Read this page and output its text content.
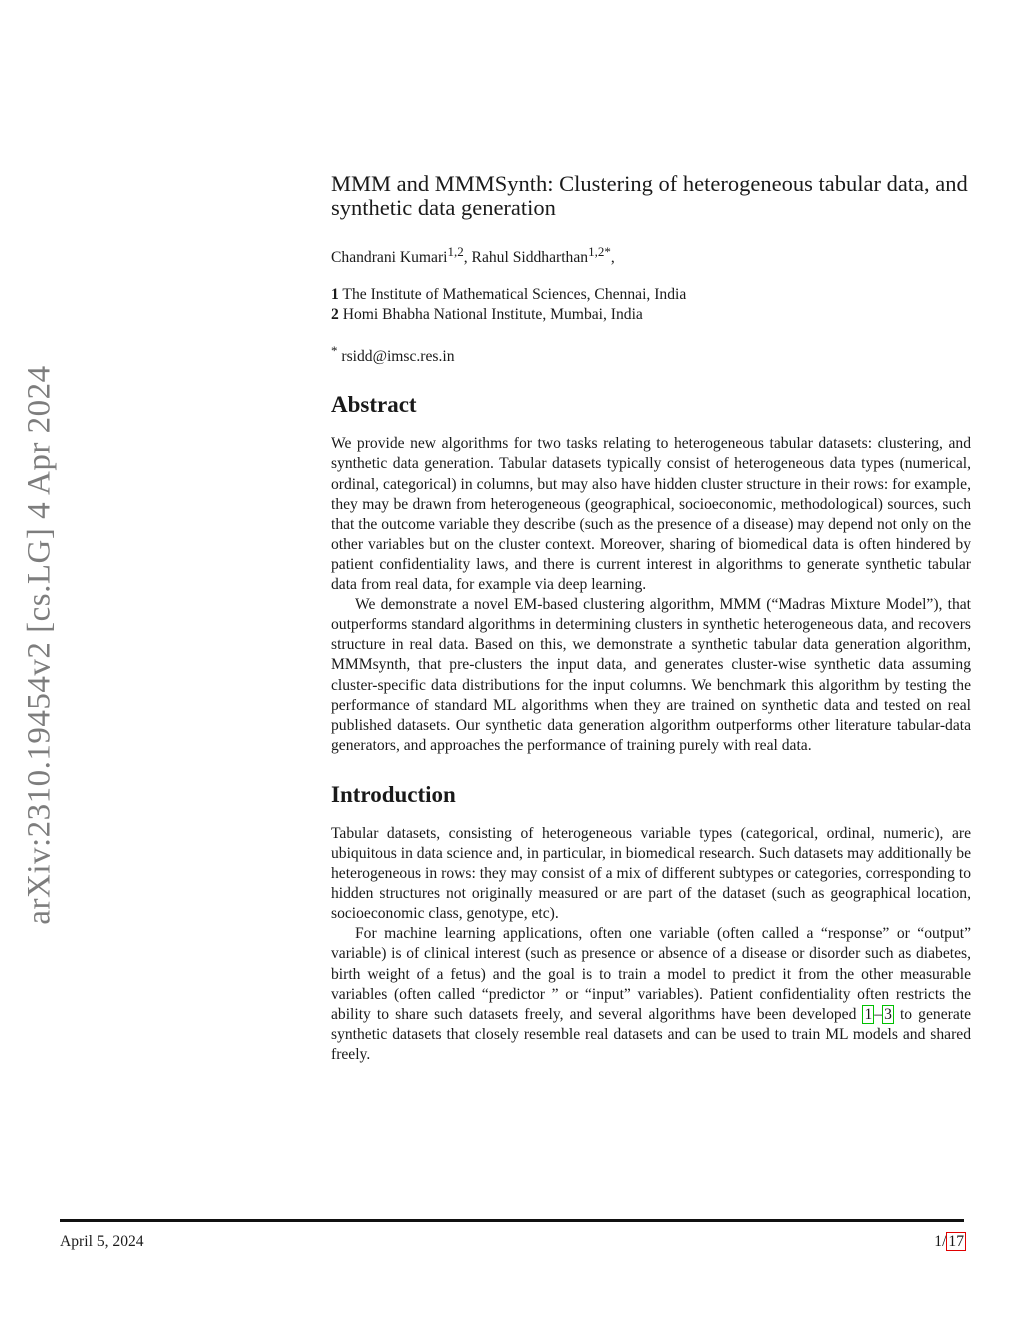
arXiv:2310.19454v2 [cs.LG] 4 Apr 2024
MMM and MMMSynth: Clustering of heterogeneous tabular data, and synthetic data generation
Chandrani Kumari$^{1,2}$, Rahul Siddharthan$^{1,2*}$,
1 The Institute of Mathematical Sciences, Chennai, India
2 Homi Bhabha National Institute, Mumbai, India
* rsidd@imsc.res.in
Abstract

We provide new algorithms for two tasks relating to heterogeneous tabular datasets: clustering, and synthetic data generation. Tabular datasets typically consist of heterogeneous data types (numerical, ordinal, categorical) in columns, but may also have hidden cluster structure in their rows: for example, they may be drawn from heterogeneous (geographical, socioeconomic, methodological) sources, such that the outcome variable they describe (such as the presence of a disease) may depend not only on the other variables but on the cluster context. Moreover, sharing of biomedical data is often hindered by patient confidentiality laws, and there is current interest in algorithms to generate synthetic tabular data from real data, for example via deep learning.

We demonstrate a novel EM-based clustering algorithm, MMM (“Madras Mixture Model”), that outperforms standard algorithms in determining clusters in synthetic heterogeneous data, and recovers structure in real data. Based on this, we demonstrate a synthetic tabular data generation algorithm, MMMsynth, that pre-clusters the input data, and generates cluster-wise synthetic data assuming cluster-specific data distributions for the input columns. We benchmark this algorithm by testing the performance of standard ML algorithms when they are trained on synthetic data and tested on real published datasets. Our synthetic data generation algorithm outperforms other literature tabular-data generators, and approaches the performance of training purely with real data.

Introduction

Tabular datasets, consisting of heterogeneous variable types (categorical, ordinal, numeric), are ubiquitous in data science and, in particular, in biomedical research. Such datasets may additionally be heterogeneous in rows: they may consist of a mix of different subtypes or categories, corresponding to hidden structures not originally measured or are part of the dataset (such as geographical location, socioeconomic class, genotype, etc).

For machine learning applications, often one variable (often called a “response” or “output” variable) is of clinical interest (such as presence or absence of a disease or disorder such as diabetes, birth weight of a fetus) and the goal is to train a model to predict it from the other measurable variables (often called “predictor ” or “input” variables). Patient confidentiality often restricts the ability to share such datasets freely, and several algorithms have been developed 1 – 3 to generate synthetic datasets that closely resemble real datasets and can be used to train ML models and shared freely.

April 5, 2024	1/ 17
